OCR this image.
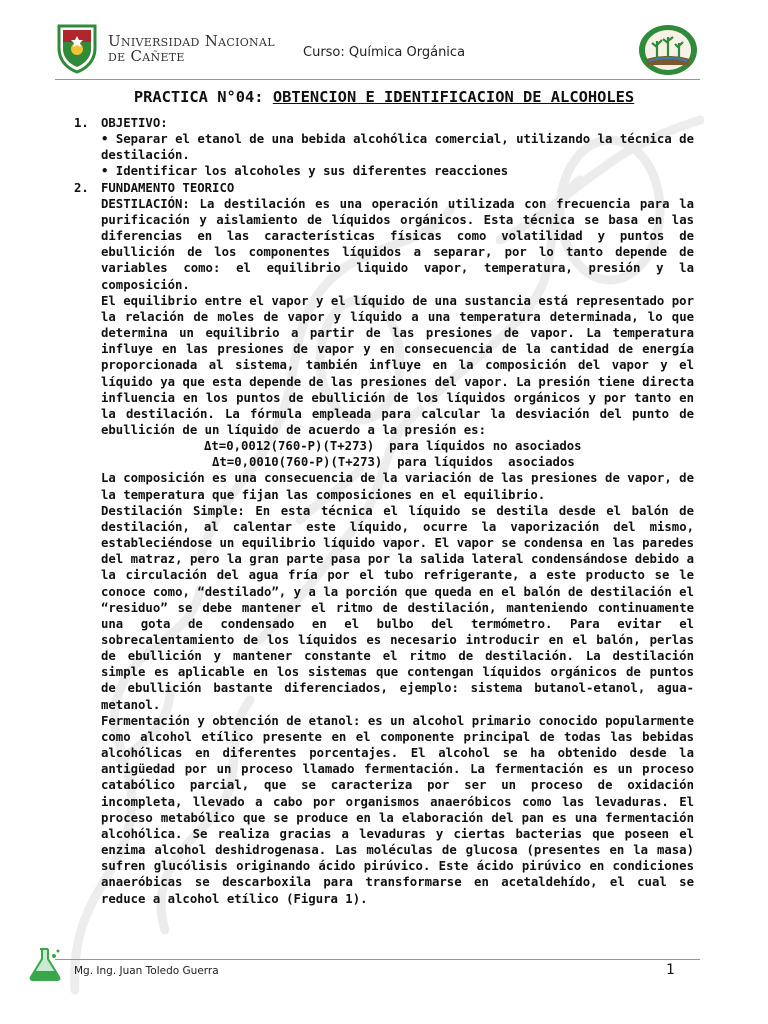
Universidad Nacional
de Cañete	Curso: Química Orgánica
PRACTICA N°04: OBTENCION E IDENTIFICACION DE ALCOHOLES
1. OBJETIVO:
• Separar el etanol de una bebida alcohólica comercial, utilizando la técnica de destilación.
• Identificar los alcoholes y sus diferentes reacciones
2. FUNDAMENTO TEORICO
DESTILACIÓN: La destilación es una operación utilizada con frecuencia para la purificación y aislamiento de líquidos orgánicos. Esta técnica se basa en las diferencias en las características físicas como volatilidad y puntos de ebullición de los componentes líquidos a separar, por lo tanto depende de variables como: el equilibrio liquido vapor, temperatura, presión y la composición.
El equilibrio entre el vapor y el líquido de una sustancia está representado por la relación de moles de vapor y líquido a una temperatura determinada, lo que determina un equilibrio a partir de las presiones de vapor. La temperatura influye en las presiones de vapor y en consecuencia de la cantidad de energía proporcionada al sistema, también influye en la composición del vapor y el líquido ya que esta depende de las presiones del vapor. La presión tiene directa influencia en los puntos de ebullición de los líquidos orgánicos y por tanto en la destilación. La fórmula empleada para calcular la desviación del punto de ebullición de un líquido de acuerdo a la presión es:
Δt=0,0012(760-P)(T+273)  para líquidos no asociados
Δt=0,0010(760-P)(T+273)  para líquidos  asociados
La composición es una consecuencia de la variación de las presiones de vapor, de la temperatura que fijan las composiciones en el equilibrio.
Destilación Simple: En esta técnica el líquido se destila desde el balón de destilación, al calentar este líquido, ocurre la vaporización del mismo, estableciéndose un equilibrio líquido vapor. El vapor se condensa en las paredes del matraz, pero la gran parte pasa por la salida lateral condensándose debido a la circulación del agua fría por el tubo refrigerante, a este producto se le conoce como, “destilado”, y a la porción que queda en el balón de destilación el “residuo” se debe mantener el ritmo de destilación, manteniendo continuamente una gota de condensado en el bulbo del termómetro. Para evitar el sobrecalentamiento de los líquidos es necesario introducir en el balón, perlas de ebullición y mantener constante el ritmo de destilación. La destilación simple es aplicable en los sistemas que contengan líquidos orgánicos de puntos de ebullición bastante diferenciados, ejemplo: sistema butanol-etanol, agua-metanol.
Fermentación y obtención de etanol: es un alcohol primario conocido popularmente como alcohol etílico presente en el componente principal de todas las bebidas alcohólicas en diferentes porcentajes. El alcohol se ha obtenido desde la antigüedad por un proceso llamado fermentación. La fermentación es un proceso catabólico parcial, que se caracteriza por ser un proceso de oxidación incompleta, llevado a cabo por organismos anaeróbicos como las levaduras. El proceso metabólico que se produce en la elaboración del pan es una fermentación alcohólica. Se realiza gracias a levaduras y ciertas bacterias que poseen el enzima alcohol deshidrogenasa. Las moléculas de glucosa (presentes en la masa) sufren glucólisis originando ácido pirúvico. Este ácido pirúvico en condiciones anaeróbicas se descarboxila para transformarse en acetaldehído, el cual se reduce a alcohol etílico (Figura 1).
Mg. Ing. Juan Toledo Guerra	1
